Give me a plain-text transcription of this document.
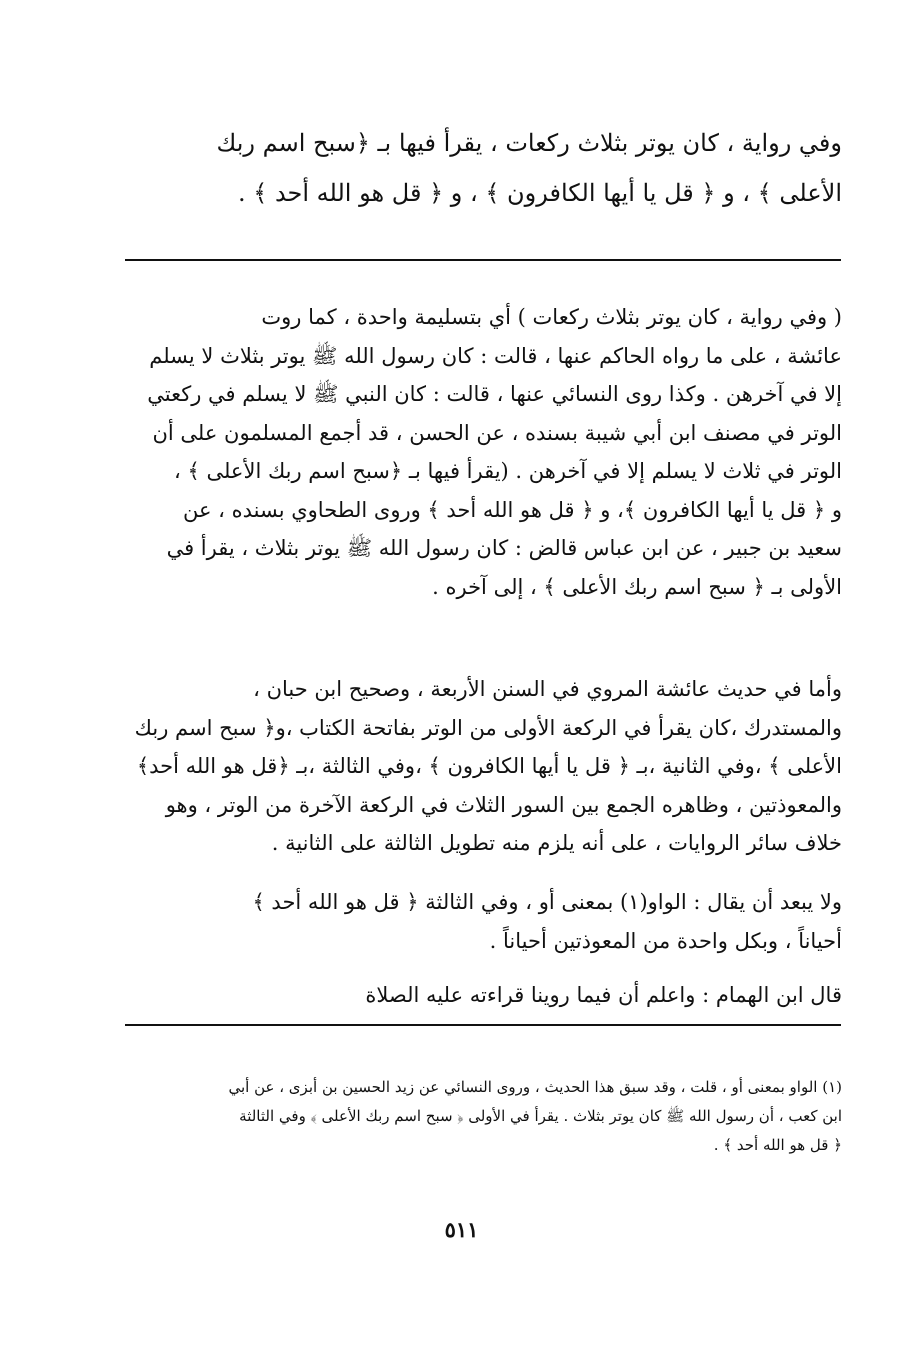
وفي رواية ، كان يوتر بثلاث ركعات ، يقرأ فيها بـ ﴿سبح اسم ربك
الأعلى ﴾ ، و ﴿ قل يا أيها الكافرون ﴾ ، و ﴿ قل هو الله أحد ﴾ .
( وفي رواية ، كان يوتر بثلاث ركعات ) أي بتسليمة واحدة ، كما روت
عائشة ، على ما رواه الحاكم عنها ، قالت : كان رسول الله ﷺ يوتر بثلاث لا يسلم
إلا في آخرهن . وكذا روى النسائي عنها ، قالت : كان النبي ﷺ لا يسلم في ركعتي
الوتر في مصنف ابن أبي شيبة بسنده ، عن الحسن ، قد أجمع المسلمون على أن
الوتر في ثلاث لا يسلم إلا في آخرهن . (يقرأ فيها بـ ﴿سبح اسم ربك الأعلى ﴾ ،
و ﴿ قل يا أيها الكافرون ﴾، و ﴿ قل هو الله أحد ﴾ وروى الطحاوي بسنده ، عن
سعيد بن جبير ، عن ابن عباس قالض : كان رسول الله ﷺ يوتر بثلاث ، يقرأ في
الأولى بـ ﴿ سبح اسم ربك الأعلى ﴾ ، إلى آخره .
وأما في حديث عائشة المروي في السنن الأربعة ، وصحيح ابن حبان ،
والمستدرك ،كان يقرأ في الركعة الأولى من الوتر بفاتحة الكتاب ،و﴿ سبح اسم ربك
الأعلى ﴾ ،وفي الثانية ،بـ ﴿ قل يا أيها الكافرون ﴾ ،وفي الثالثة ،بـ ﴿قل هو الله أحد﴾
والمعوذتين ، وظاهره الجمع بين السور الثلاث في الركعة الآخرة من الوتر ، وهو
خلاف سائر الروايات ، على أنه يلزم منه تطويل الثالثة على الثانية .
ولا يبعد أن يقال : الواو(١) بمعنى أو ، وفي الثالثة ﴿ قل هو الله أحد ﴾
أحياناً ، وبكل واحدة من المعوذتين أحياناً .
قال ابن الهمام : واعلم أن فيما روينا قراءته عليه الصلاة
(١) الواو بمعنى أو ، قلت ، وقد سبق هذا الحديث ، وروى النسائي عن زيد الحسين بن أبزى ، عن أبي
ابن كعب ، أن رسول الله ﷺ كان يوتر بثلاث . يقرأ في الأولى ﴿ سبح اسم ربك الأعلى ﴾ وفي الثالثة
﴿ قل هو الله أحد ﴾ .
٥١١
